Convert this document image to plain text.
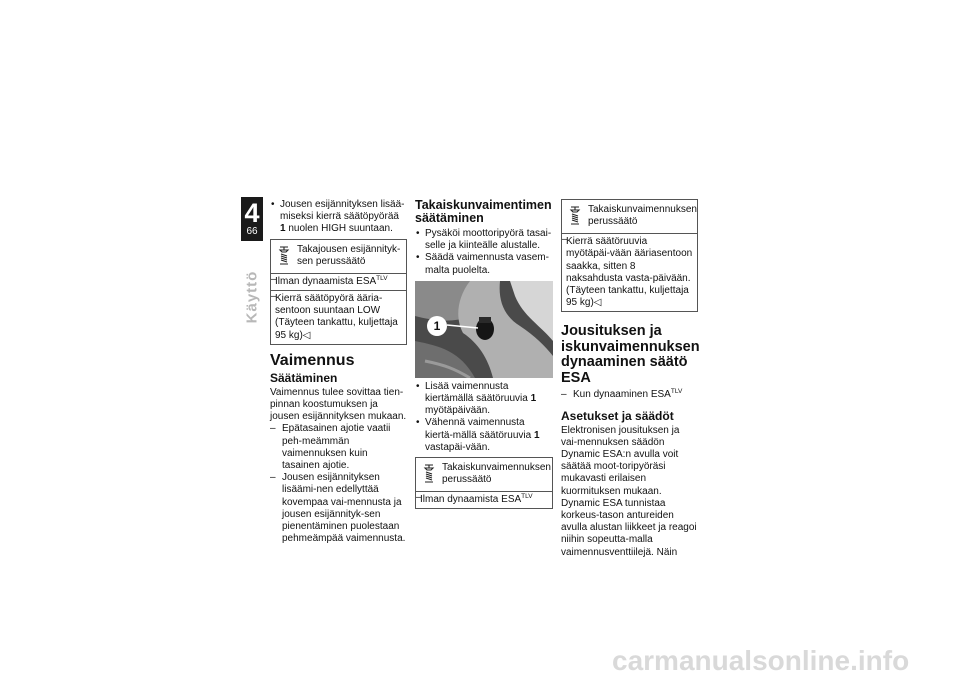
4
66
Käyttö
• Jousen esijännityksen lisää-miseksi kierrä säätöpyörää 1 nuolen HIGH suuntaan.
Takajousen esijännityk-sen perussäätö
– Ilman dynaamista $ESA^{TLV}$
– Kierrä säätöpyörä ääria-sentoon suuntaan LOW (Täyteen tankattu, kuljettaja 95 kg)◁
Vaimennus
Säätäminen
Vaimennus tulee sovittaa tien-pinnan koostumuksen ja jousen esijännityksen mukaan.
– Epätasainen ajotie vaatii peh-meämmän vaimennuksen kuin tasainen ajotie.
– Jousen esijännityksen lisäämi-nen edellyttää kovempaa vai-mennusta ja jousen esijännityk-sen pienentäminen puolestaan pehmeämpää vaimennusta.
Takaiskunvaimentimen säätäminen
• Pysäköi moottoripyörä tasai-selle ja kiinteälle alustalle.
• Säädä vaimennusta vasem-malta puolelta.
1
• Lisää vaimennusta kiertämällä säätöruuvia 1 myötäpäivään.
• Vähennä vaimennusta kiertä-mällä säätöruuvia 1 vastapäi-vään.
Takaiskunvaimennuksen perussäätö
– Ilman dynaamista $ESA^{TLV}$
Takaiskunvaimennuksen perussäätö
– Kierrä säätöruuvia myötäpäi-vään ääriasentoon saakka, sitten 8 naksahdusta vasta-päivään. (Täyteen tankattu, kuljettaja 95 kg)◁
Jousituksen ja iskunvaimennuksen dynaaminen säätö ESA
– Kun dynaaminen $ESA^{TLV}$
Asetukset ja säädöt
Elektronisen jousituksen ja vai-mennuksen säädön Dynamic ESA:n avulla voit säätää moot-toripyöräsi mukavasti erilaisen kuormituksen mukaan.
Dynamic ESA tunnistaa korkeus-tason antureiden avulla alustan liikkeet ja reagoi niihin sopeutta-malla vaimennusventtiilejä. Näin
carmanualsonline.info
